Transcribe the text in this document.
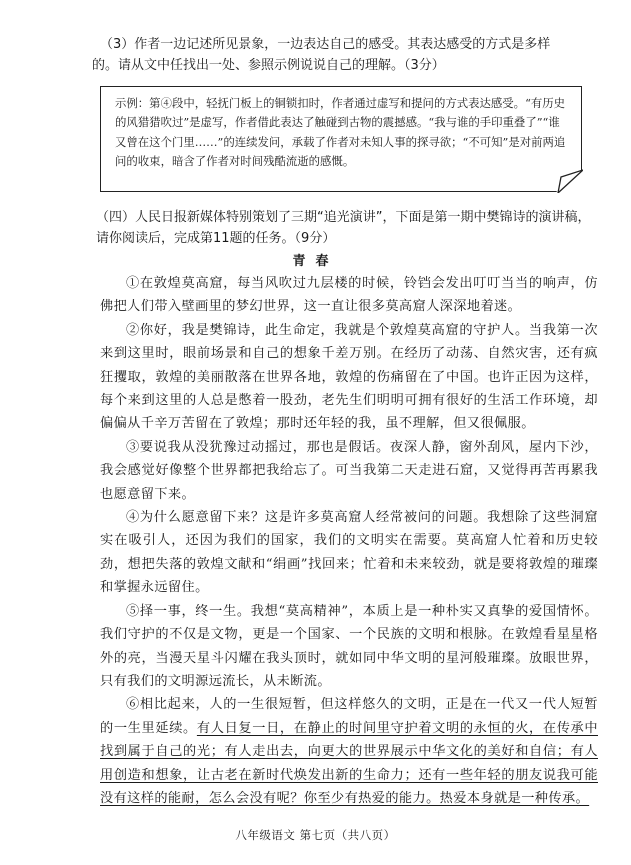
（3）作者一边记述所见景象，一边表达自己的感受。其表达感受的方式是多样
的。请从文中任找出一处、参照示例说说自己的理解。（3分）
示例：第④段中，轻抚门板上的铜锁扣时，作者通过虚写和提问的方式表达感受。“有历史的风猎猎吹过”是虚写，作者借此表达了触碰到古物的震撼感。“我与谁的手印重叠了”“谁又曾在这个门里……”的连续发问，承载了作者对未知人事的探寻欲；“不可知”是对前两追问的收束，暗含了作者对时间残酷流逝的感慨。
（四）人民日报新媒体特别策划了三期“追光演讲”，下面是第一期中樊锦诗的演讲稿，请你阅读后，完成第11题的任务。（9分）
青春

①在敦煌莫高窟，每当风吹过九层楼的时候，铃铛会发出叮叮当当的响声，仿佛把人们带入壁画里的梦幻世界，这一直让很多莫高窟人深深地着迷。

②你好，我是樊锦诗，此生命定，我就是个敦煌莫高窟的守护人。当我第一次来到这里时，眼前场景和自己的想象千差万别。在经历了动荡、自然灾害，还有疯狂攫取，敦煌的美丽散落在世界各地，敦煌的伤痛留在了中国。也许正因为这样，每个来到这里的人总是憋着一股劲，老先生们明明可拥有很好的生活工作环境，却偏偏从千辛万苦留在了敦煌；那时还年轻的我，虽不理解，但又很佩服。

③要说我从没犹豫过动摇过，那也是假话。夜深人静，窗外刮风，屋内下沙，我会感觉好像整个世界都把我给忘了。可当我第二天走进石窟，又觉得再苦再累我也愿意留下来。

④为什么愿意留下来？这是许多莫高窟人经常被问的问题。我想除了这些洞窟实在吸引人，还因为我们的国家，我们的文明实在需要。莫高窟人忙着和历史较劲，想把失落的敦煌文献和“绢画”找回来；忙着和未来较劲，就是要将敦煌的璀璨和掌握永远留住。

⑤择一事，终一生。我想“莫高精神”，本质上是一种朴实又真挚的爱国情怀。我们守护的不仅是文物，更是一个国家、一个民族的文明和根脉。在敦煌看星星格外的亮，当漫天星斗闪耀在我头顶时，就如同中华文明的星河般璀璨。放眼世界，只有我们的文明源远流长，从未断流。

⑥相比起来，人的一生很短暂，但这样悠久的文明，正是在一代又一代人短暂的一生里延续。有人日复一日，在静止的时间里守护着文明的永恒的火，在传承中找到属于自己的光；有人走出去，向更大的世界展示中华文化的美好和自信；有人用创造和想象，让古老在新时代焕发出新的生命力；还有一些年轻的朋友说我可能没有这样的能耐，怎么会没有呢？你至少有热爱的能力。热爱本身就是一种传承。

八年级语文 第七页（共八页）
